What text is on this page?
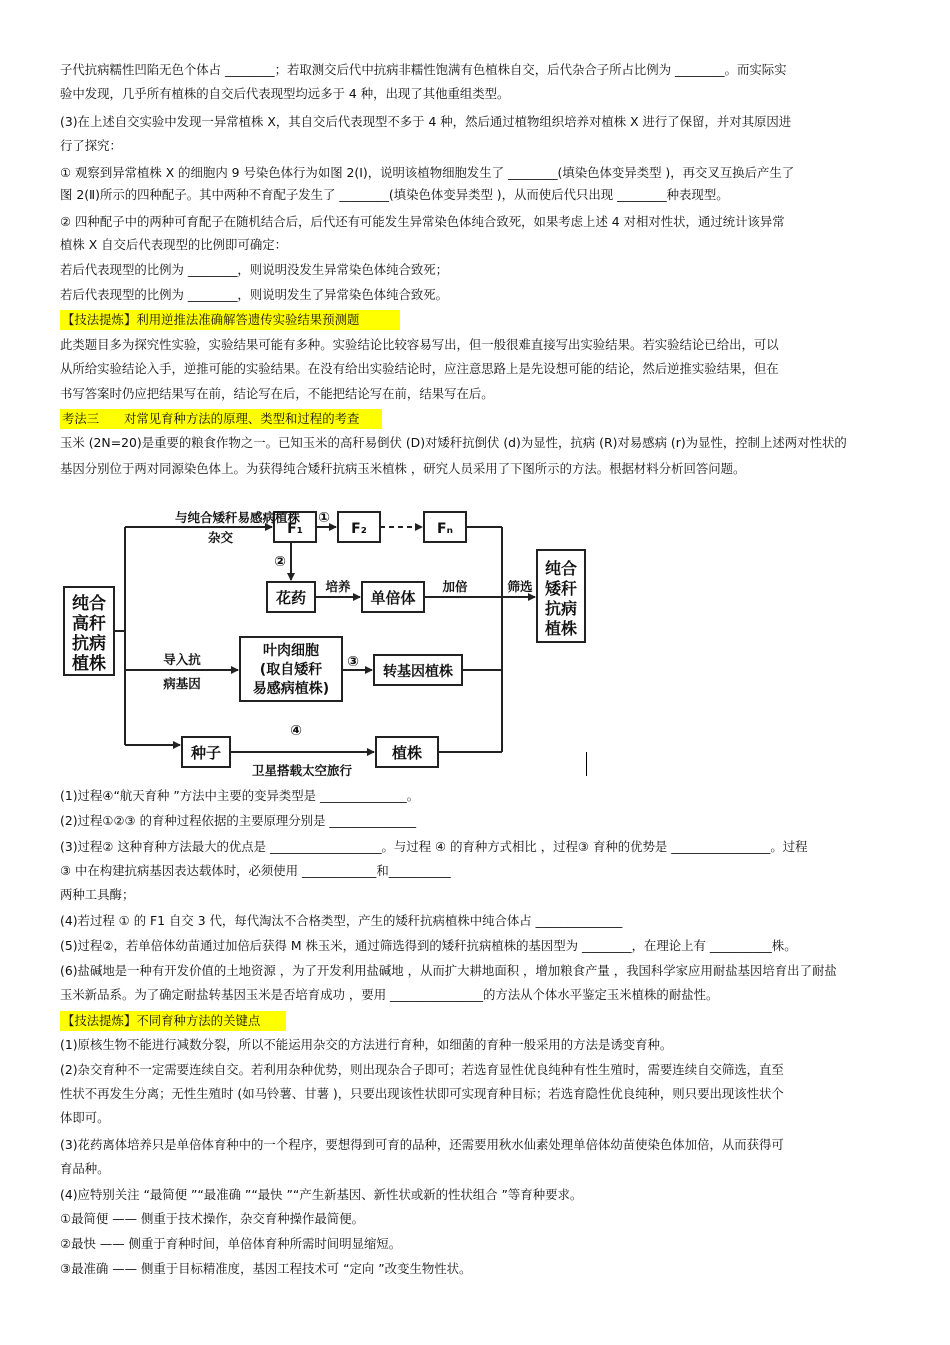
子代抗病糯性凹陷无色个体占 ________；若取测交后代中抗病非糯性饱满有色植株自交，后代杂合子所占比例为 ________。而实际实
验中发现，几乎所有植株的自交后代表现型均远多于 4 种，出现了其他重组类型。
(3)在上述自交实验中发现一异常植株 X，其自交后代表现型不多于 4 种，然后通过植物组织培养对植株 X 进行了保留，并对其原因进
行了探究：
① 观察到异常植株 X 的细胞内 9 号染色体行为如图 2(Ⅰ)，说明该植物细胞发生了 ________(填染色体变异类型 )，再交叉互换后产生了
图 2(Ⅱ)所示的四种配子。其中两种不育配子发生了 ________(填染色体变异类型 )，从而使后代只出现 ________种表现型。
② 四种配子中的两种可育配子在随机结合后，后代还有可能发生异常染色体纯合致死，如果考虑上述 4 对相对性状，通过统计该异常
植株 X 自交后代表现型的比例即可确定：
若后代表现型的比例为 ________，则说明没发生异常染色体纯合致死；
若后代表现型的比例为 ________，则说明发生了异常染色体纯合致死。
【技法提炼】利用逆推法准确解答遗传实验结果预测题
此类题目多为探究性实验，实验结果可能有多种。实验结论比较容易写出，但一般很难直接写出实验结果。若实验结论已给出，可以
从所给实验结论入手，逆推可能的实验结果。在没有给出实验结论时，应注意思路上是先设想可能的结论，然后逆推实验结果，但在
书写答案时仍应把结果写在前，结论写在后，不能把结论写在前，结果写在后。
考法三　　对常见育种方法的原理、类型和过程的考查
玉米 (2N=20)是重要的粮食作物之一。已知玉米的高秆易倒伏 (D)对矮秆抗倒伏 (d)为显性，抗病 (R)对易感病 (r)为显性，控制上述两对性状的
基因分别位于两对同源染色体上。为获得纯合矮秆抗病玉米植株 ，研究人员采用了下图所示的方法。根据材料分析回答问题。
纯合
高秆
抗病
植株
与纯合矮秆易感病植株
杂交
F₁	F₂	Fₙ
①
②
③
④
花药
培养
单倍体
加倍	筛选
纯合
矮秆
抗病
植株
导入抗
病基因
叶肉细胞
(取自矮秆
易感病植株)
转基因植株
种子	植株
卫星搭载太空旅行
(1)过程④“航天育种 ”方法中主要的变异类型是 ______________。
(2)过程①②③ 的育种过程依据的主要原理分别是 ______________
(3)过程② 这种育种方法最大的优点是 __________________。与过程 ④ 的育种方式相比 ，过程③ 育种的优势是 ________________。过程
③ 中在构建抗病基因表达载体时，必须使用 ____________和__________
两种工具酶；
(4)若过程 ① 的 F1 自交 3 代，每代淘汰不合格类型，产生的矮秆抗病植株中纯合体占 ______________
(5)过程②，若单倍体幼苗通过加倍后获得 M 株玉米，通过筛选得到的矮秆抗病植株的基因型为 ________，在理论上有 __________株。
(6)盐碱地是一种有开发价值的土地资源 ，为了开发利用盐碱地 ，从而扩大耕地面积 ，增加粮食产量 ，我国科学家应用耐盐基因培育出了耐盐
玉米新品系。为了确定耐盐转基因玉米是否培育成功 ，要用 _______________的方法从个体水平鉴定玉米植株的耐盐性。
【技法提炼】不同育种方法的关键点
(1)原核生物不能进行减数分裂，所以不能运用杂交的方法进行育种，如细菌的育种一般采用的方法是诱变育种。
(2)杂交育种不一定需要连续自交。若利用杂种优势，则出现杂合子即可；若选育显性优良纯种有性生殖时，需要连续自交筛选，直至
性状不再发生分离；无性生殖时 (如马铃薯、甘薯 )，只要出现该性状即可实现育种目标；若选育隐性优良纯种，则只要出现该性状个
体即可。
(3)花药离体培养只是单倍体育种中的一个程序，要想得到可育的品种，还需要用秋水仙素处理单倍体幼苗使染色体加倍，从而获得可
育品种。
(4)应特别关注 “最简便 ”“最准确 ”“最快 ”“产生新基因、新性状或新的性状组合 ”等育种要求。
①最简便 —— 侧重于技术操作，杂交育种操作最简便。
②最快 —— 侧重于育种时间，单倍体育种所需时间明显缩短。
③最准确 —— 侧重于目标精准度，基因工程技术可 “定向 ”改变生物性状。
